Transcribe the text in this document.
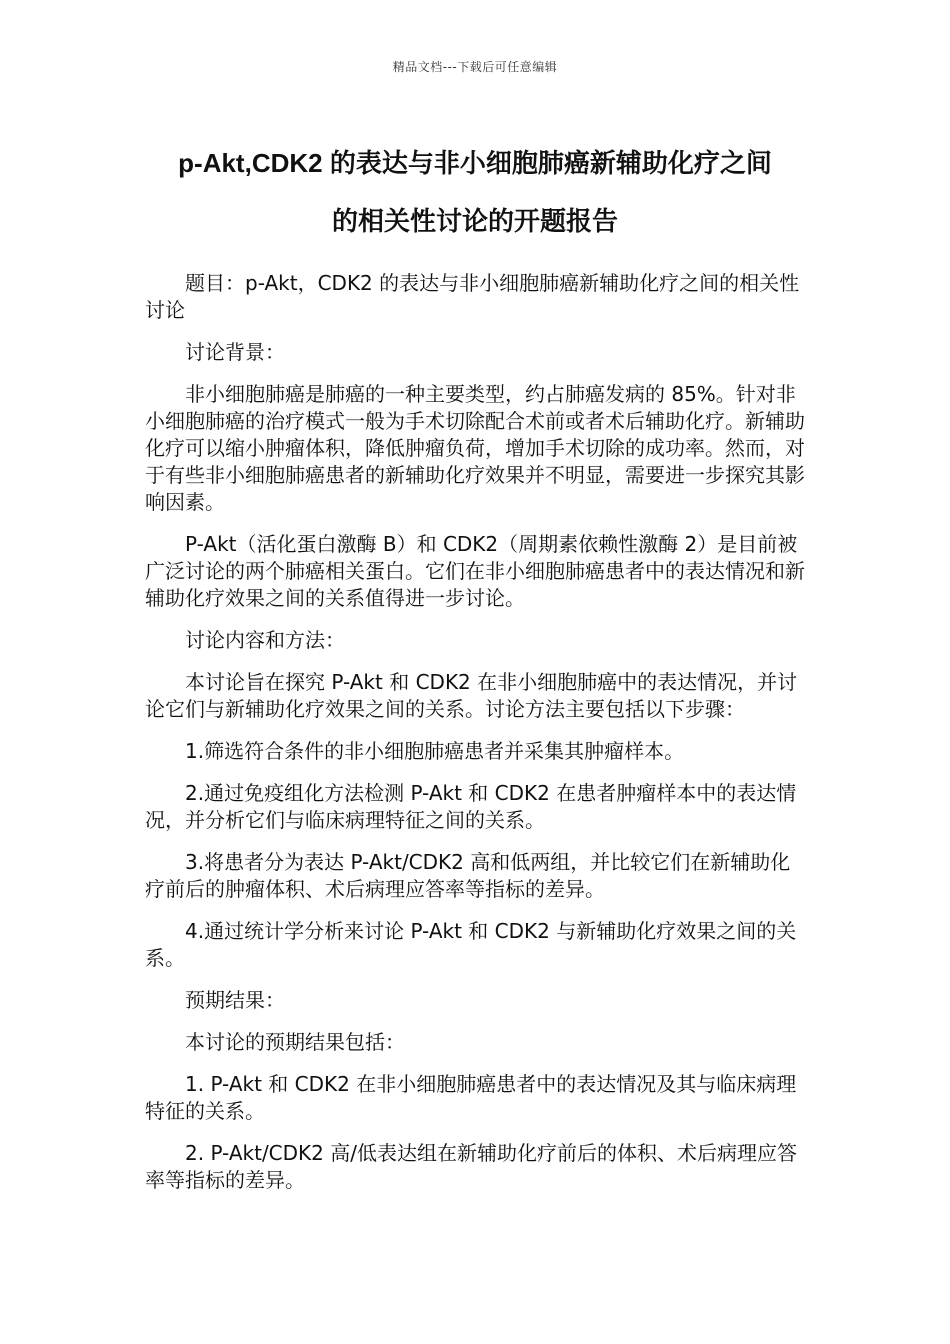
精品文档---下载后可任意编辑
p-Akt,CDK2 的表达与非小细胞肺癌新辅助化疗之间
的相关性讨论的开题报告

题目：p-Akt，CDK2 的表达与非小细胞肺癌新辅助化疗之间的相关性讨论

讨论背景：

非小细胞肺癌是肺癌的一种主要类型，约占肺癌发病的 85%。针对非小细胞肺癌的治疗模式一般为手术切除配合术前或者术后辅助化疗。新辅助化疗可以缩小肿瘤体积，降低肿瘤负荷，增加手术切除的成功率。然而，对于有些非小细胞肺癌患者的新辅助化疗效果并不明显，需要进一步探究其影响因素。

P-Akt（活化蛋白激酶 B）和 CDK2（周期素依赖性激酶 2）是目前被广泛讨论的两个肺癌相关蛋白。它们在非小细胞肺癌患者中的表达情况和新辅助化疗效果之间的关系值得进一步讨论。

讨论内容和方法：

本讨论旨在探究 P-Akt 和 CDK2 在非小细胞肺癌中的表达情况，并讨论它们与新辅助化疗效果之间的关系。讨论方法主要包括以下步骤：

1.筛选符合条件的非小细胞肺癌患者并采集其肿瘤样本。

2.通过免疫组化方法检测 P-Akt 和 CDK2 在患者肿瘤样本中的表达情况，并分析它们与临床病理特征之间的关系。

3.将患者分为表达 P-Akt/CDK2 高和低两组，并比较它们在新辅助化疗前后的肿瘤体积、术后病理应答率等指标的差异。

4.通过统计学分析来讨论 P-Akt 和 CDK2 与新辅助化疗效果之间的关系。

预期结果：

本讨论的预期结果包括：

1. P-Akt 和 CDK2 在非小细胞肺癌患者中的表达情况及其与临床病理特征的关系。

2. P-Akt/CDK2 高/低表达组在新辅助化疗前后的体积、术后病理应答率等指标的差异。
